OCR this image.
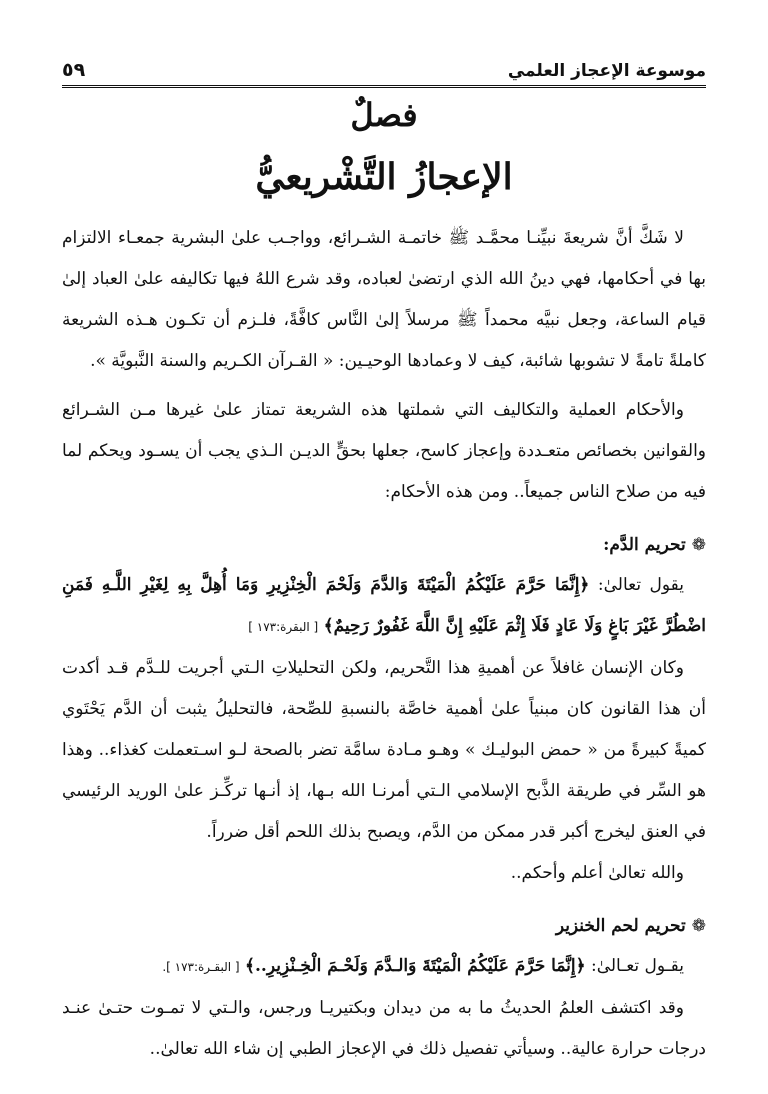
موسوعة الإعجاز العلمي
٥٩
فصلٌ
الإعجازُ التَّشْريعيُّ

لا شَكَّ أنَّ شريعةَ نبيِّنـا محمَّـد ﷺ خاتمـة الشـرائع، وواجـب علىٰ البشرية جمعـاء الالتزام بها في أحكامها، فهي دينُ الله الذي ارتضىٰ لعباده، وقد شرع اللهُ فيها تكاليفه علىٰ العباد إلىٰ قيام الساعة، وجعل نبيَّه محمداً ﷺ مرسلاً إلىٰ النَّاس كافَّةً، فلـزم أن تكـون هـذه الشريعة كاملةً تامةً لا تشوبها شائبة، كيف لا وعمادها الوحيـين: « القـرآن الكـريم والسنة النَّبويَّة ».

والأحكام العملية والتكاليف التي شملتها هذه الشريعة تمتاز علىٰ غيرها مـن الشـرائع والقوانين بخصائص متعـددة وإعجاز كاسح، جعلها بحقٍّ الديـن الـذي يجب أن يسـود ويحكم لما فيه من صلاح الناس جميعاً.. ومن هذه الأحكام:

❁تحريم الدَّم:

يقول تعالىٰ: ﴿إِنَّمَا حَرَّمَ عَلَيْكُمُ الْمَيْتَةَ وَالدَّمَ وَلَحْمَ الْخِنْزِيرِ وَمَا أُهِلَّ بِهِ لِغَيْرِ اللَّـهِ فَمَنِ اضْطُرَّ غَيْرَ بَاغٍ وَلَا عَادٍ فَلَا إِثْمَ عَلَيْهِ إِنَّ اللَّهَ غَفُورٌ رَحِيمٌ﴾ [ البقرة:١٧٣ ]

وكان الإنسان غافلاً عن أهميةِ هذا التَّحريم، ولكن التحليلاتِ الـتي أجريت للـدَّم قـد أكدت أن هذا القانون كان مبنياً علىٰ أهمية خاصَّة بالنسبةِ للصِّحة، فالتحليلُ يثبت أن الدَّم يَحْتَوي كميةً كبيرةً من « حمض البوليـك » وهـو مـادة سامَّة تضر بالصحة لـو اسـتعملت كغذاء.. وهذا هو السِّر في طريقة الذَّبح الإسلامي الـتي أمرنـا الله بـها، إذ أنـها تركِّـز علىٰ الوريد الرئيسي في العنق ليخرج أكبر قدر ممكن من الدَّم، ويصبح بذلك اللحم أقل ضرراً.

والله تعالىٰ أعلم وأحكم..

❁تحريم لحم الخنزير

يقـول تعـالىٰ: ﴿إِنَّمَا حَرَّمَ عَلَيْكُمُ الْمَيْتَةَ وَالـدَّمَ وَلَحْـمَ الْخِـنْزِيرِ..﴾ [ البقـرة:١٧٣ ].

وقد اكتشف العلمُ الحديثُ ما به من ديدان وبكتيريـا ورجس، والـتي لا تمـوت حتـىٰ عنـد درجات حرارة عالية.. وسيأتي تفصيل ذلك في الإعجاز الطبي إن شاء الله تعالىٰ..
